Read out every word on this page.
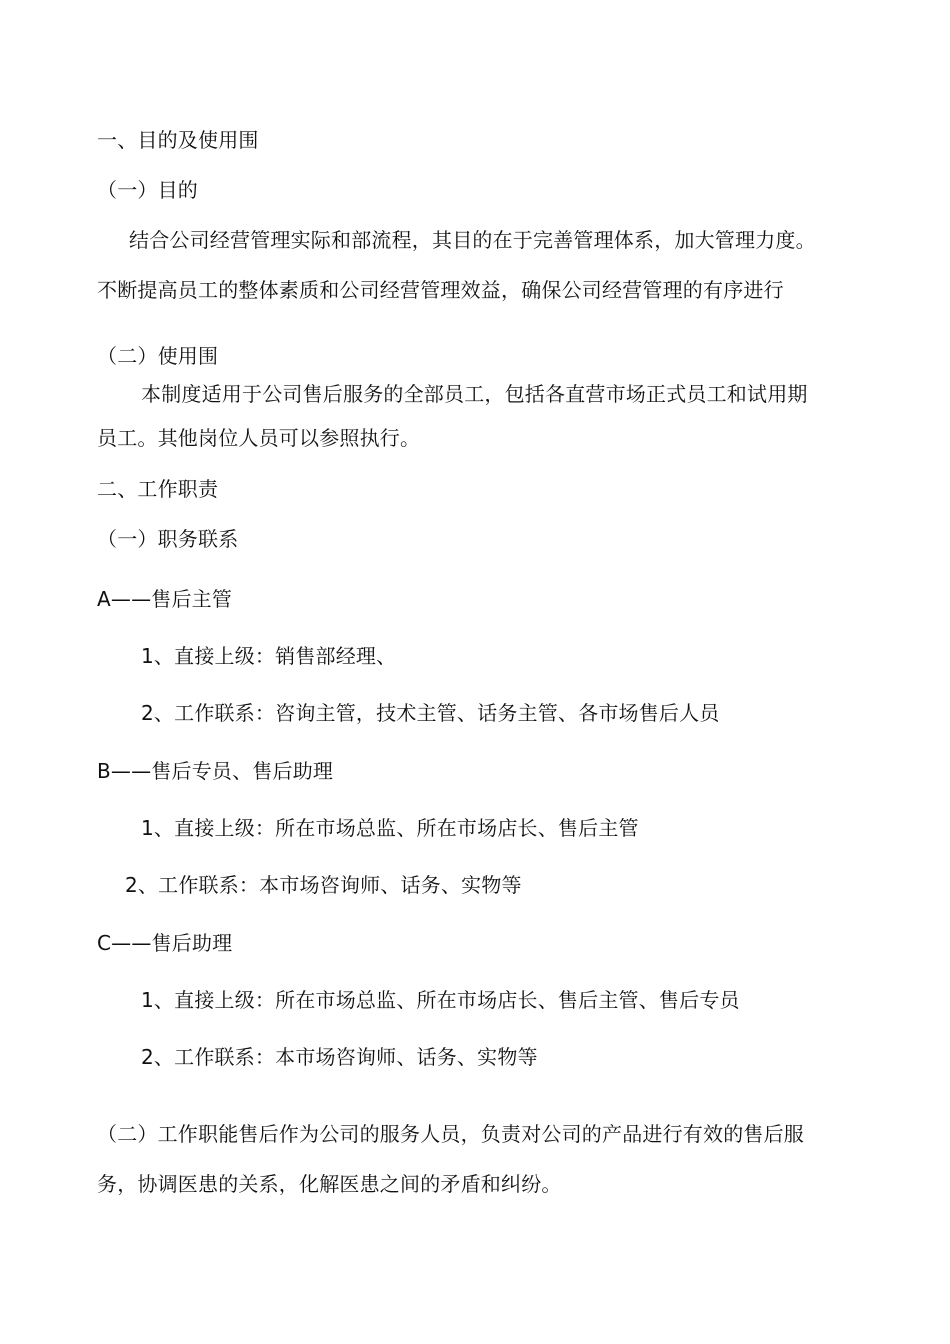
一、目的及使用围
（一）目的
结合公司经营管理实际和部流程，其目的在于完善管理体系，加大管理力度。
不断提高员工的整体素质和公司经营管理效益，确保公司经营管理的有序进行
（二）使用围
本制度适用于公司售后服务的全部员工，包括各直营市场正式员工和试用期
员工。其他岗位人员可以参照执行。
二、工作职责
（一）职务联系
A——售后主管
1、直接上级：销售部经理、
2、工作联系：咨询主管，技术主管、话务主管、各市场售后人员
B——售后专员、售后助理
1、直接上级：所在市场总监、所在市场店长、售后主管
2、工作联系：本市场咨询师、话务、实物等
C——售后助理
1、直接上级：所在市场总监、所在市场店长、售后主管、售后专员
2、工作联系：本市场咨询师、话务、实物等
（二）工作职能售后作为公司的服务人员，负责对公司的产品进行有效的售后服
务，协调医患的关系，化解医患之间的矛盾和纠纷。
